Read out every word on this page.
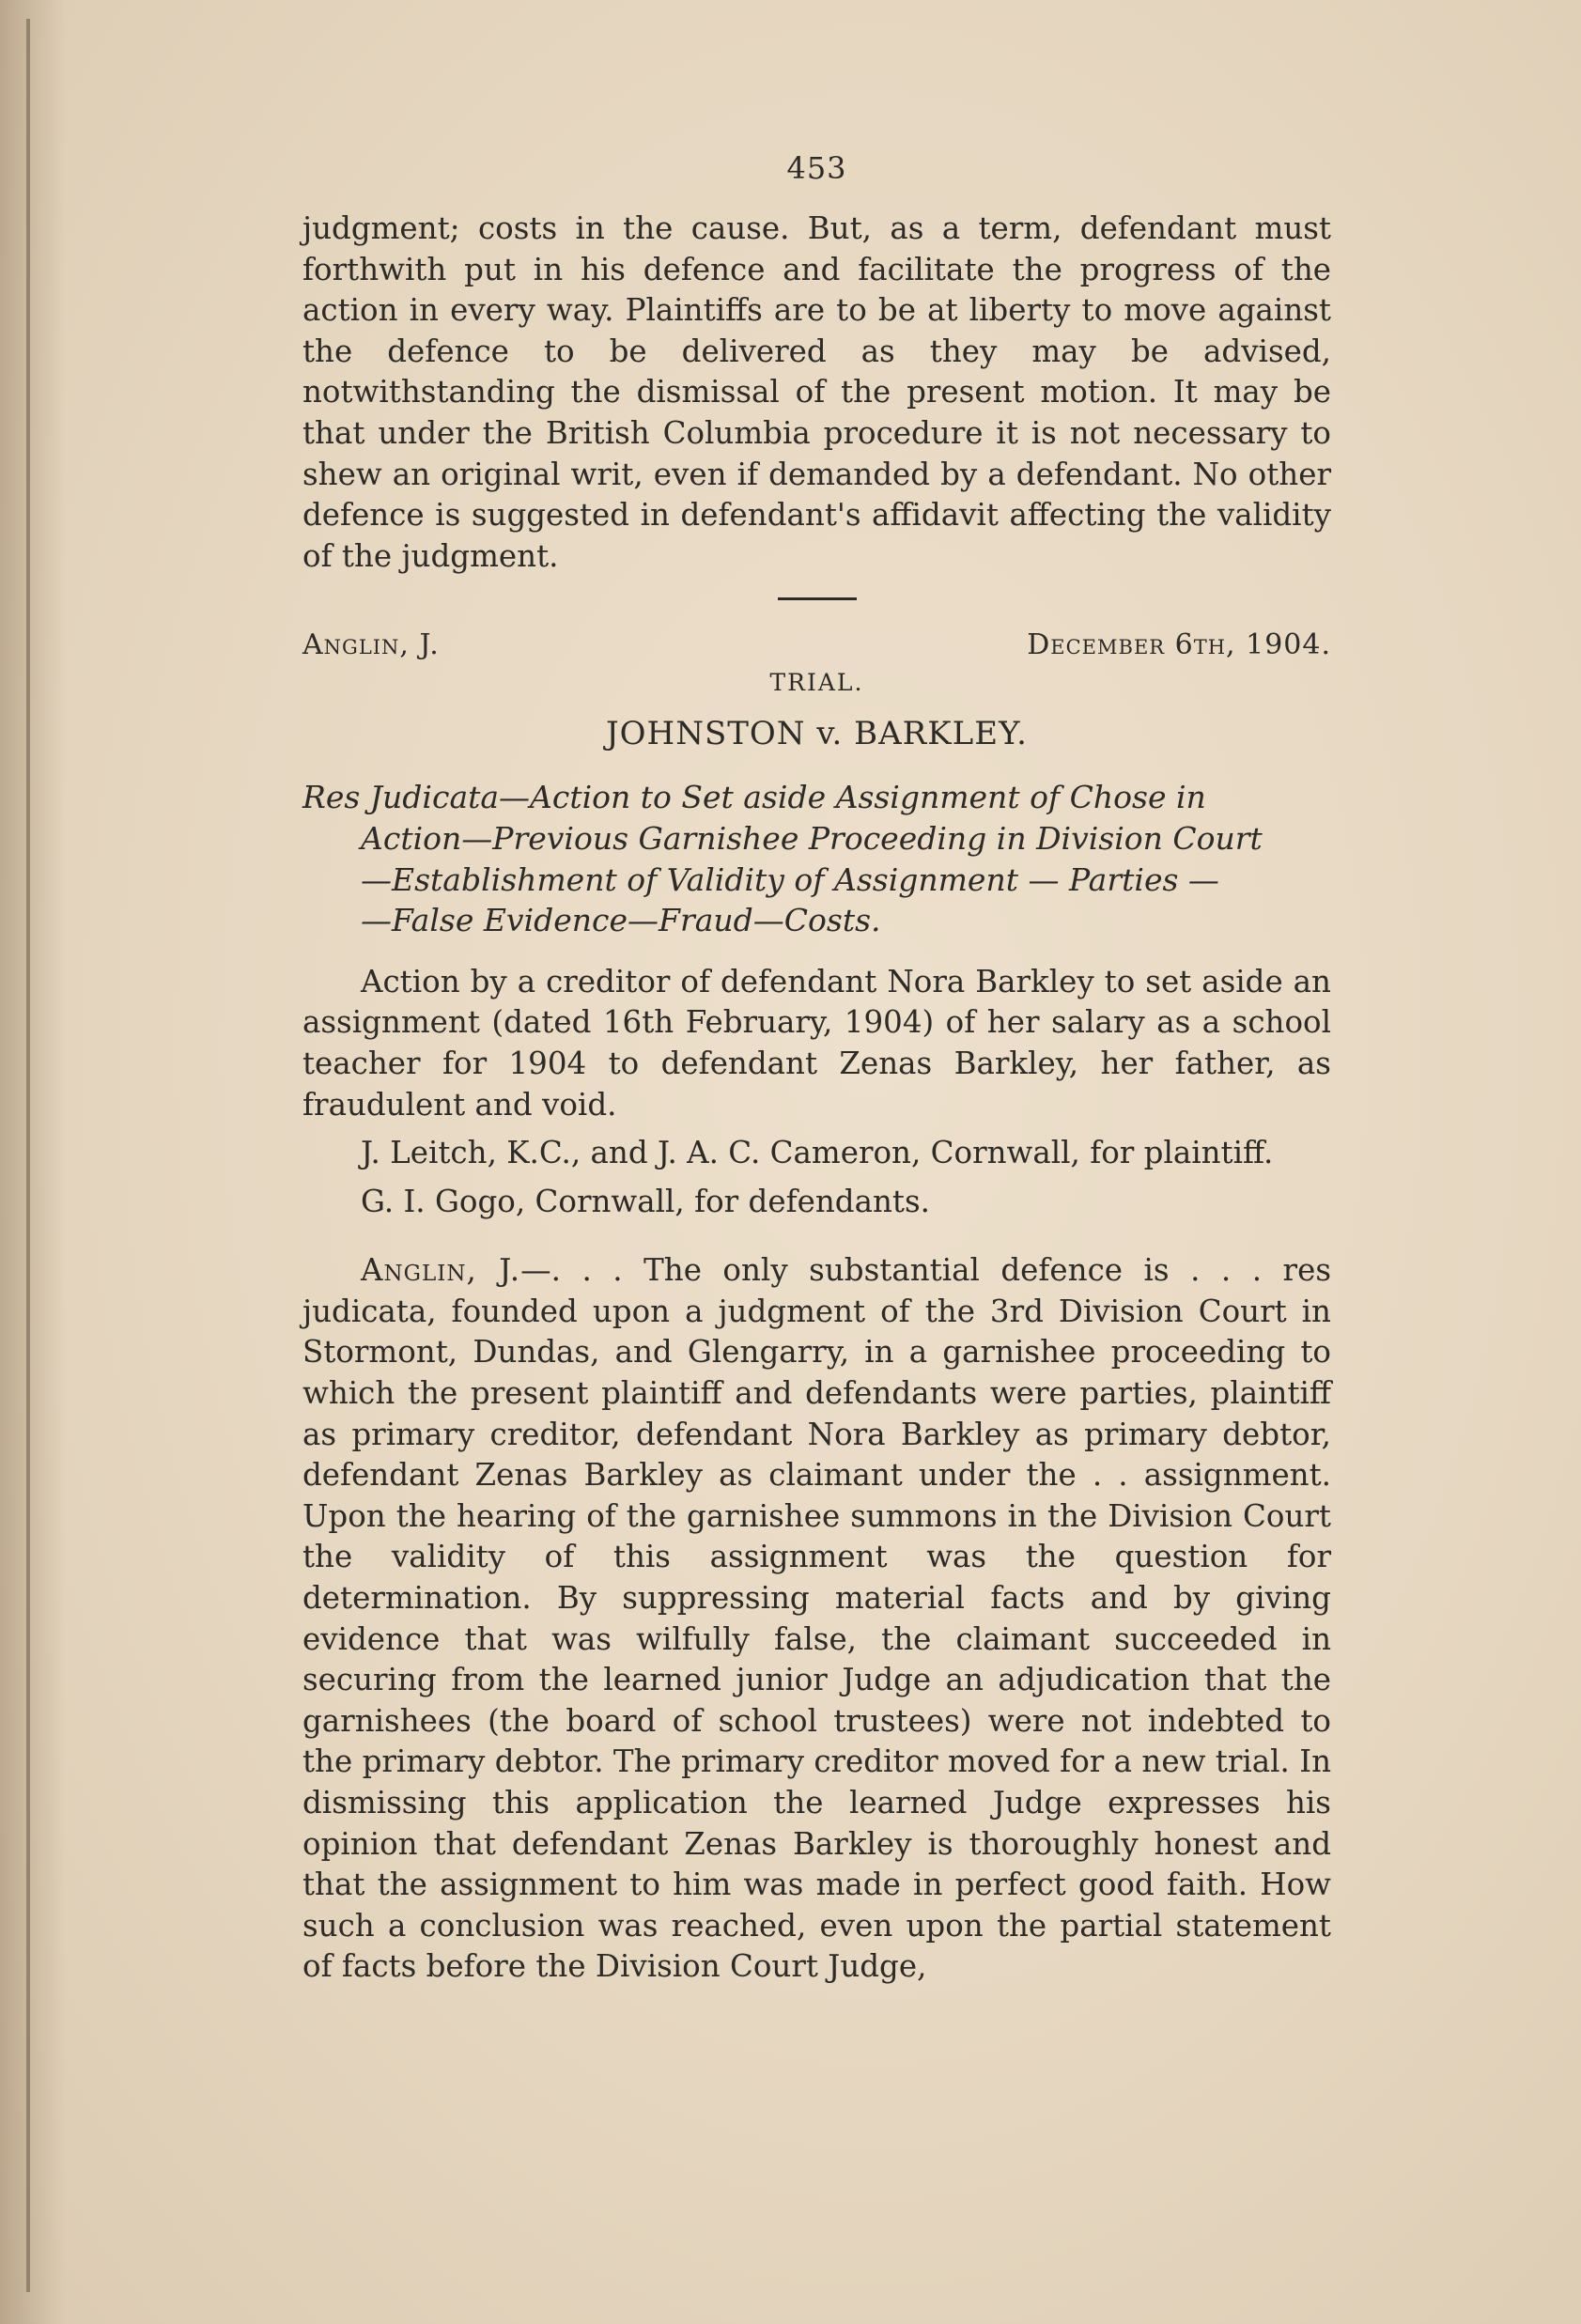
453

judgment; costs in the cause. But, as a term, defendant must forthwith put in his defence and facilitate the progress of the action in every way. Plaintiffs are to be at liberty to move against the defence to be delivered as they may be advised, notwithstanding the dismissal of the present motion. It may be that under the British Columbia procedure it is not necessary to shew an original writ, even if demanded by a defendant. No other defence is suggested in defendant's affidavit affecting the validity of the judgment.

Anglin, J.	December 6th, 1904.
TRIAL.
JOHNSTON v. BARKLEY.
Res Judicata—Action to Set aside Assignment of Chose in
Action—Previous Garnishee Proceeding in Division Court
—Establishment of Validity of Assignment — Parties —
—False Evidence—Fraud—Costs.

Action by a creditor of defendant Nora Barkley to set aside an assignment (dated 16th February, 1904) of her salary as a school teacher for 1904 to defendant Zenas Barkley, her father, as fraudulent and void.

J. Leitch, K.C., and J. A. C. Cameron, Cornwall, for plaintiff.

G. I. Gogo, Cornwall, for defendants.

Anglin, J.—. . . The only substantial defence is . . . res judicata, founded upon a judgment of the 3rd Division Court in Stormont, Dundas, and Glengarry, in a garnishee proceeding to which the present plaintiff and defendants were parties, plaintiff as primary creditor, defendant Nora Barkley as primary debtor, defendant Zenas Barkley as claimant under the . . assignment. Upon the hearing of the garnishee summons in the Division Court the validity of this assignment was the question for determination. By suppressing material facts and by giving evidence that was wilfully false, the claimant succeeded in securing from the learned junior Judge an adjudication that the garnishees (the board of school trustees) were not indebted to the primary debtor. The primary creditor moved for a new trial. In dismissing this application the learned Judge expresses his opinion that defendant Zenas Barkley is thoroughly honest and that the assignment to him was made in perfect good faith. How such a conclusion was reached, even upon the partial statement of facts before the Division Court Judge,
